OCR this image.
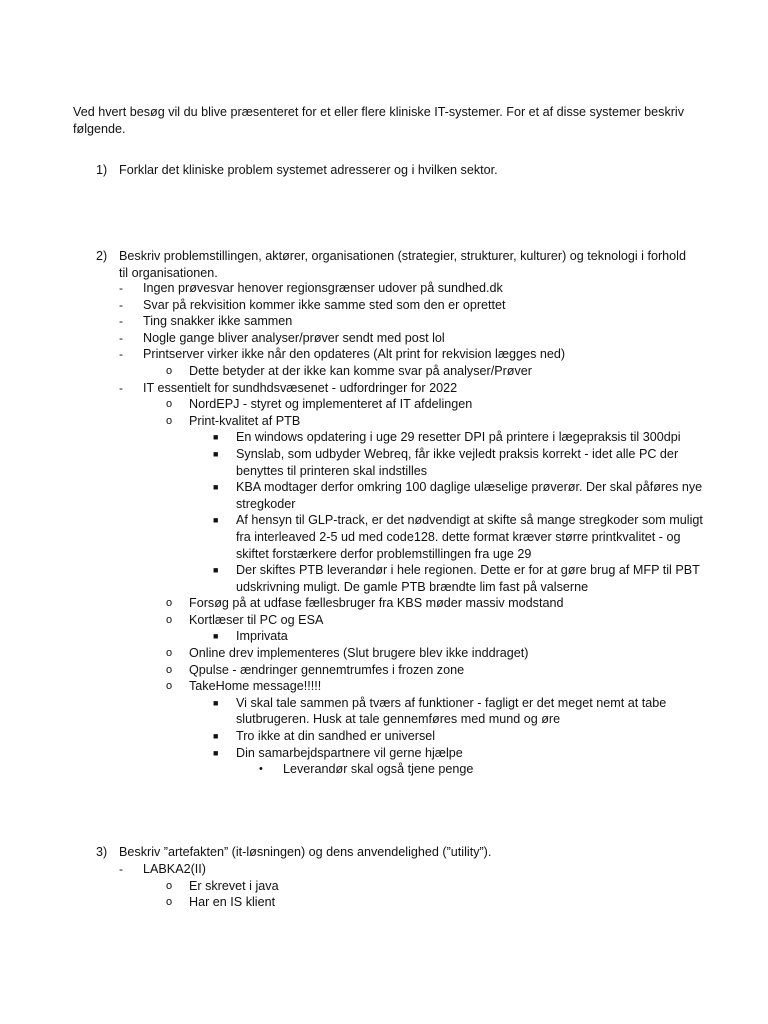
Ved hvert besøg vil du blive præsenteret for et eller flere kliniske IT-systemer. For et af disse systemer beskriv følgende.
1) Forklar det kliniske problem systemet adresserer og i hvilken sektor.
2) Beskriv problemstillingen, aktører, organisationen (strategier, strukturer, kulturer) og teknologi i forhold til organisationen.
- Ingen prøvesvar henover regionsgrænser udover på sundhed.dk
- Svar på rekvisition kommer ikke samme sted som den er oprettet
- Ting snakker ikke sammen
- Nogle gange bliver analyser/prøver sendt med post lol
- Printserver virker ikke når den opdateres (Alt print for rekvision lægges ned)
o Dette betyder at der ikke kan komme svar på analyser/Prøver
- IT essentielt for sundhdsvæsenet - udfordringer for 2022
o NordEPJ - styret og implementeret af IT afdelingen
o Print-kvalitet af PTB
■ En windows opdatering i uge 29 resetter DPI på printere i lægepraksis til 300dpi
■ Synslab, som udbyder Webreq, får ikke vejledt praksis korrekt - idet alle PC der benyttes til printeren skal indstilles
■ KBA modtager derfor omkring 100 daglige ulæselige prøverør. Der skal påføres nye stregkoder
■ Af hensyn til GLP-track, er det nødvendigt at skifte så mange stregkoder som muligt fra interleaved 2-5 ud med code128. dette format kræver større printkvalitet - og skiftet forstærkere derfor problemstillingen fra uge 29
■ Der skiftes PTB leverandør i hele regionen. Dette er for at gøre brug af MFP til PBT udskrivning muligt. De gamle PTB brændte lim fast på valserne
o Forsøg på at udfase fællesbruger fra KBS møder massiv modstand
o Kortlæser til PC og ESA
■ Imprivata
o Online drev implementeres (Slut brugere blev ikke inddraget)
o Qpulse - ændringer gennemtrumfes i frozen zone
o TakeHome message!!!!!
■ Vi skal tale sammen på tværs af funktioner - fagligt er det meget nemt at tabe slutbrugeren. Husk at tale gennemføres med mund og øre
■ Tro ikke at din sandhed er universel
■ Din samarbejdspartnere vil gerne hjælpe
• Leverandør skal også tjene penge
3) Beskriv ”artefakten” (it-løsningen) og dens anvendelighed (”utility”).
- LABKA2(II)
o Er skrevet i java
o Har en IS klient
